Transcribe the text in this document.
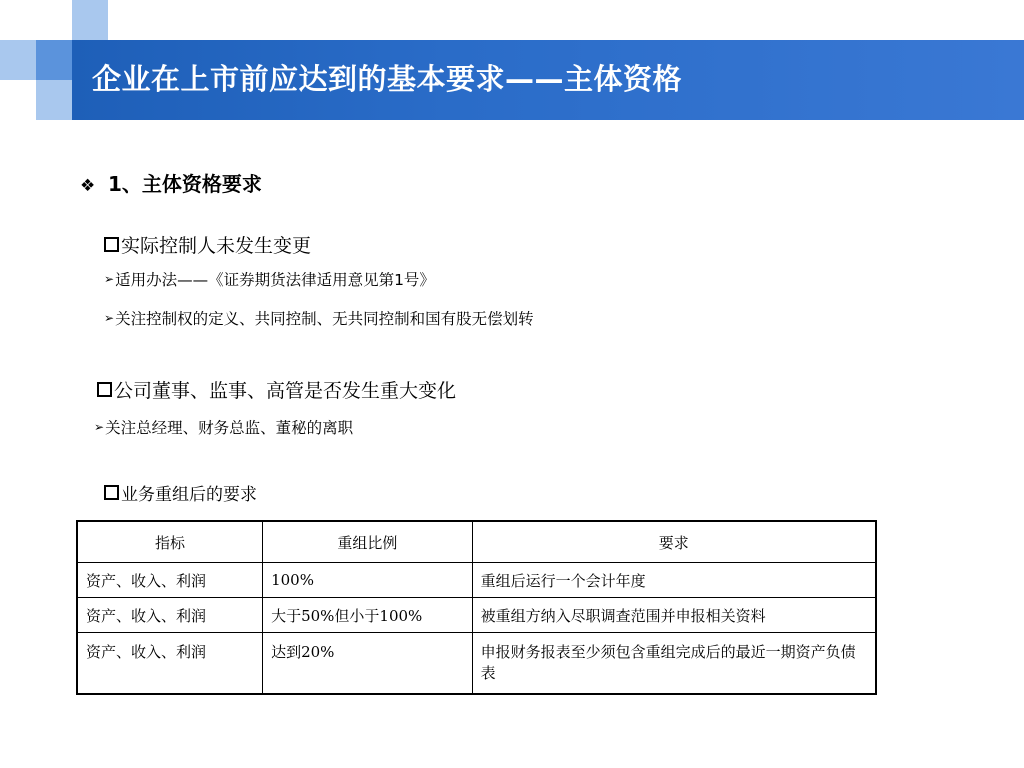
企业在上市前应达到的基本要求——主体资格
❖ 1、主体资格要求
实际控制人未发生变更
➢ 适用办法——《证券期货法律适用意见第1号》
➢ 关注控制权的定义、共同控制、无共同控制和国有股无偿划转
公司董事、监事、高管是否发生重大变化
➢ 关注总经理、财务总监、董秘的离职
业务重组后的要求
指标	重组比例	要求
资产、收入、利润	100%	重组后运行一个会计年度
资产、收入、利润	大于50%但小于100%	被重组方纳入尽职调查范围并申报相关资料
资产、收入、利润	达到20%	申报财务报表至少须包含重组完成后的最近一期资产负债表
